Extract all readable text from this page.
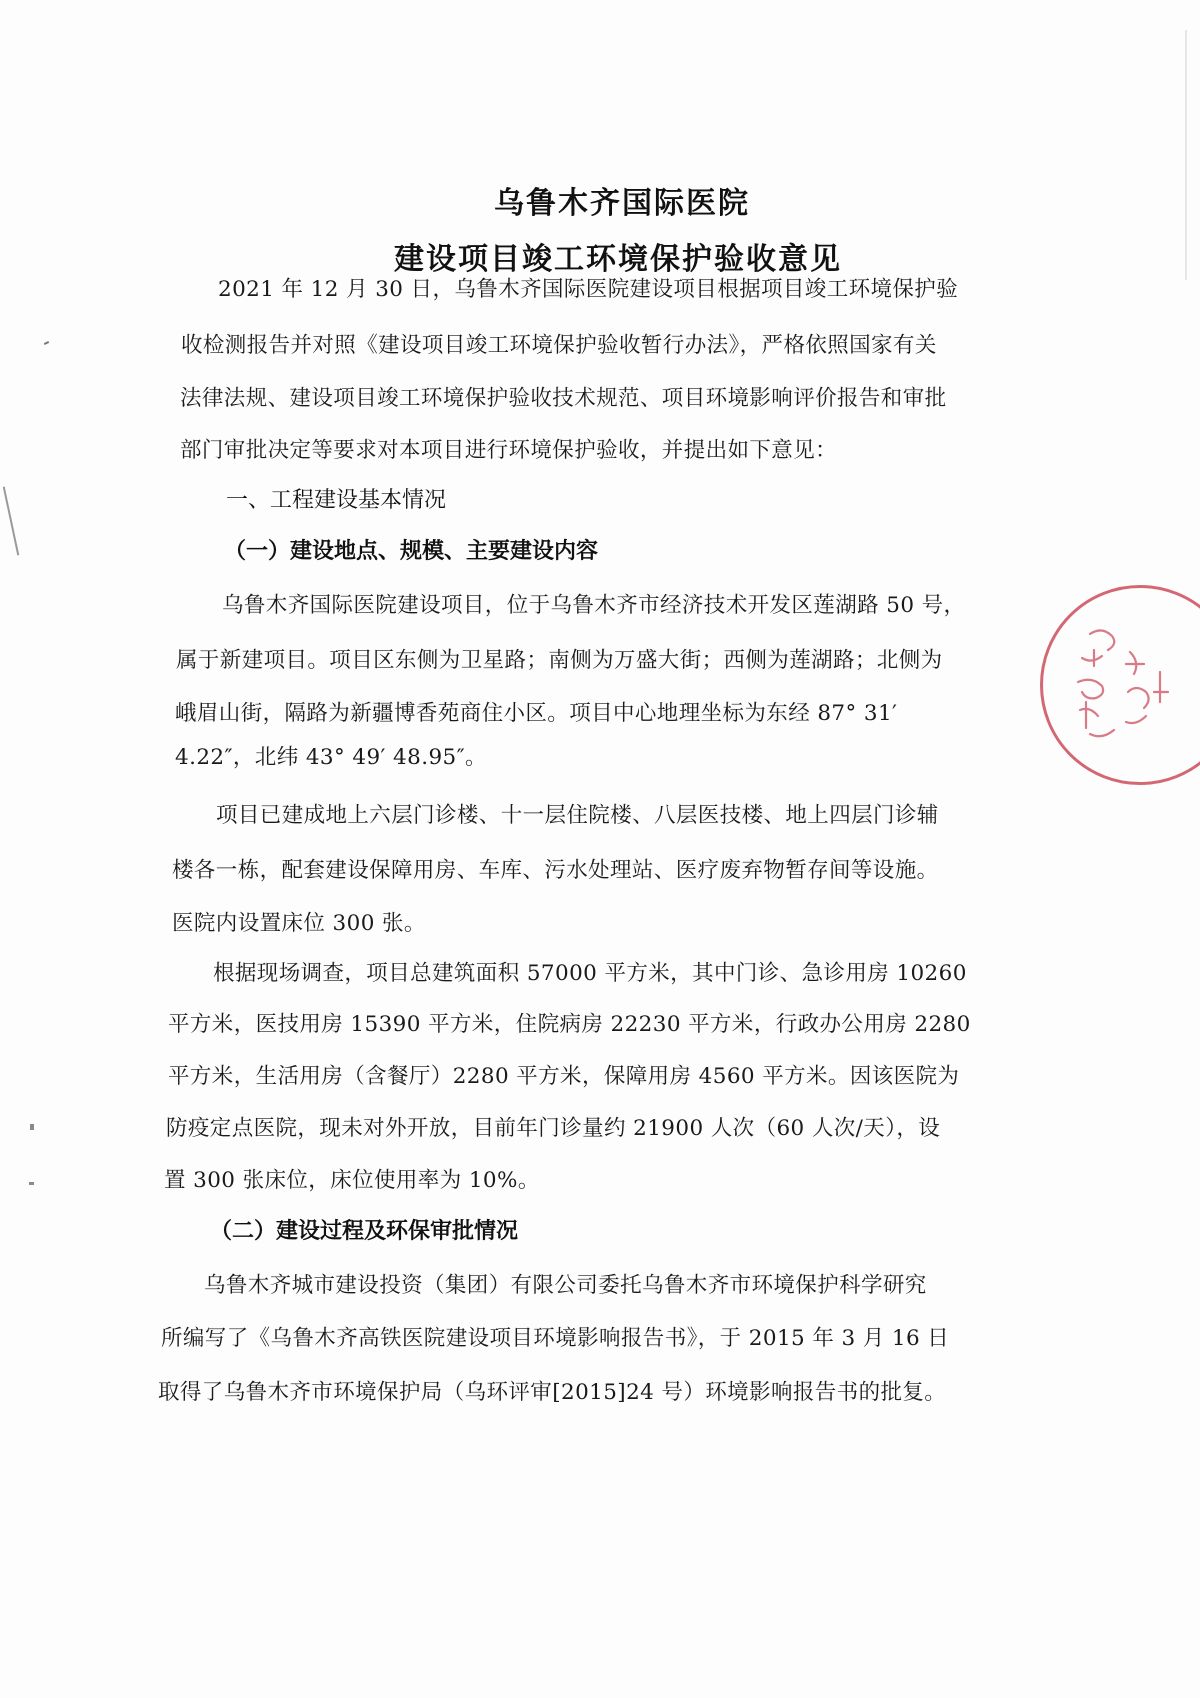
乌鲁木齐国际医院
建设项目竣工环境保护验收意见
2021 年 12 月 30 日，乌鲁木齐国际医院建设项目根据项目竣工环境保护验
收检测报告并对照《建设项目竣工环境保护验收暂行办法》，严格依照国家有关
法律法规、建设项目竣工环境保护验收技术规范、项目环境影响评价报告和审批
部门审批决定等要求对本项目进行环境保护验收，并提出如下意见：
一、工程建设基本情况
（一）建设地点、规模、主要建设内容
乌鲁木齐国际医院建设项目，位于乌鲁木齐市经济技术开发区莲湖路 50 号，
属于新建项目。项目区东侧为卫星路；南侧为万盛大街；西侧为莲湖路；北侧为
峨眉山街，隔路为新疆博香苑商住小区。项目中心地理坐标为东经 87° 31′
4.22″，北纬 43° 49′ 48.95″。
项目已建成地上六层门诊楼、十一层住院楼、八层医技楼、地上四层门诊辅
楼各一栋，配套建设保障用房、车库、污水处理站、医疗废弃物暂存间等设施。
医院内设置床位 300 张。
根据现场调查，项目总建筑面积 57000 平方米，其中门诊、急诊用房 10260
平方米，医技用房 15390 平方米，住院病房 22230 平方米，行政办公用房 2280
平方米，生活用房（含餐厅）2280 平方米，保障用房 4560 平方米。因该医院为
防疫定点医院，现未对外开放，目前年门诊量约 21900 人次（60 人次/天），设
置 300 张床位，床位使用率为 10%。
（二）建设过程及环保审批情况
乌鲁木齐城市建设投资（集团）有限公司委托乌鲁木齐市环境保护科学研究
所编写了《乌鲁木齐高铁医院建设项目环境影响报告书》，于 2015 年 3 月 16 日
取得了乌鲁木齐市环境保护局（乌环评审[2015]24 号）环境影响报告书的批复。
